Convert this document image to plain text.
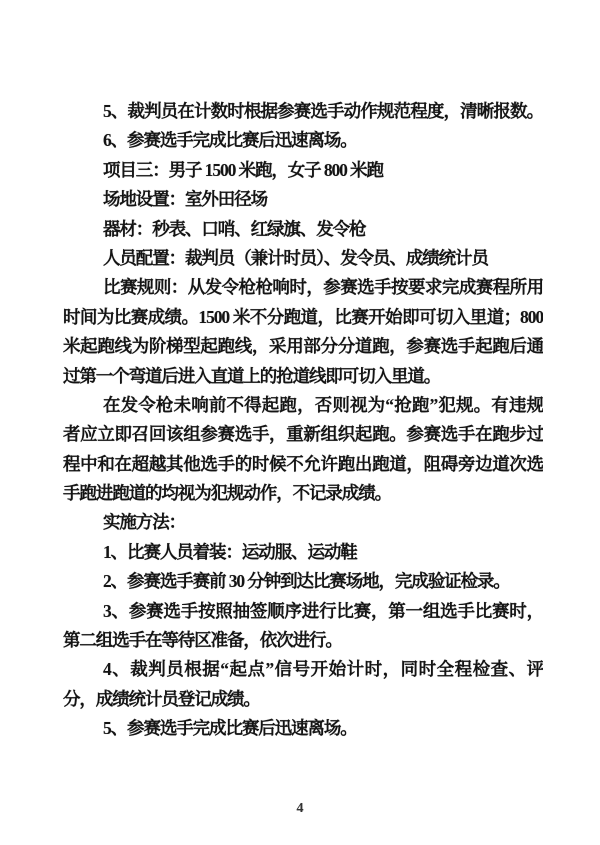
5、裁判员在计数时根据参赛选手动作规范程度，清晰报数。
6、参赛选手完成比赛后迅速离场。
项目三：男子 1500 米跑，女子 800 米跑
场地设置：室外田径场
器材：秒表、口哨、红绿旗、发令枪
人员配置：裁判员（兼计时员）、发令员、成绩统计员
比赛规则：从发令枪枪响时，参赛选手按要求完成赛程所用
时间为比赛成绩。1500 米不分跑道，比赛开始即可切入里道；800
米起跑线为阶梯型起跑线，采用部分分道跑，参赛选手起跑后通
过第一个弯道后进入直道上的抢道线即可切入里道。
在发令枪未响前不得起跑，否则视为“抢跑”犯规。有违规
者应立即召回该组参赛选手，重新组织起跑。参赛选手在跑步过
程中和在超越其他选手的时候不允许跑出跑道，阻碍旁边道次选
手跑进跑道的均视为犯规动作，不记录成绩。
实施方法：
1、比赛人员着装：运动服、运动鞋
2、参赛选手赛前 30 分钟到达比赛场地，完成验证检录。
3、参赛选手按照抽签顺序进行比赛，第一组选手比赛时，
第二组选手在等待区准备，依次进行。
4、裁判员根据“起点”信号开始计时，同时全程检查、评
分，成绩统计员登记成绩。
5、参赛选手完成比赛后迅速离场。
4
